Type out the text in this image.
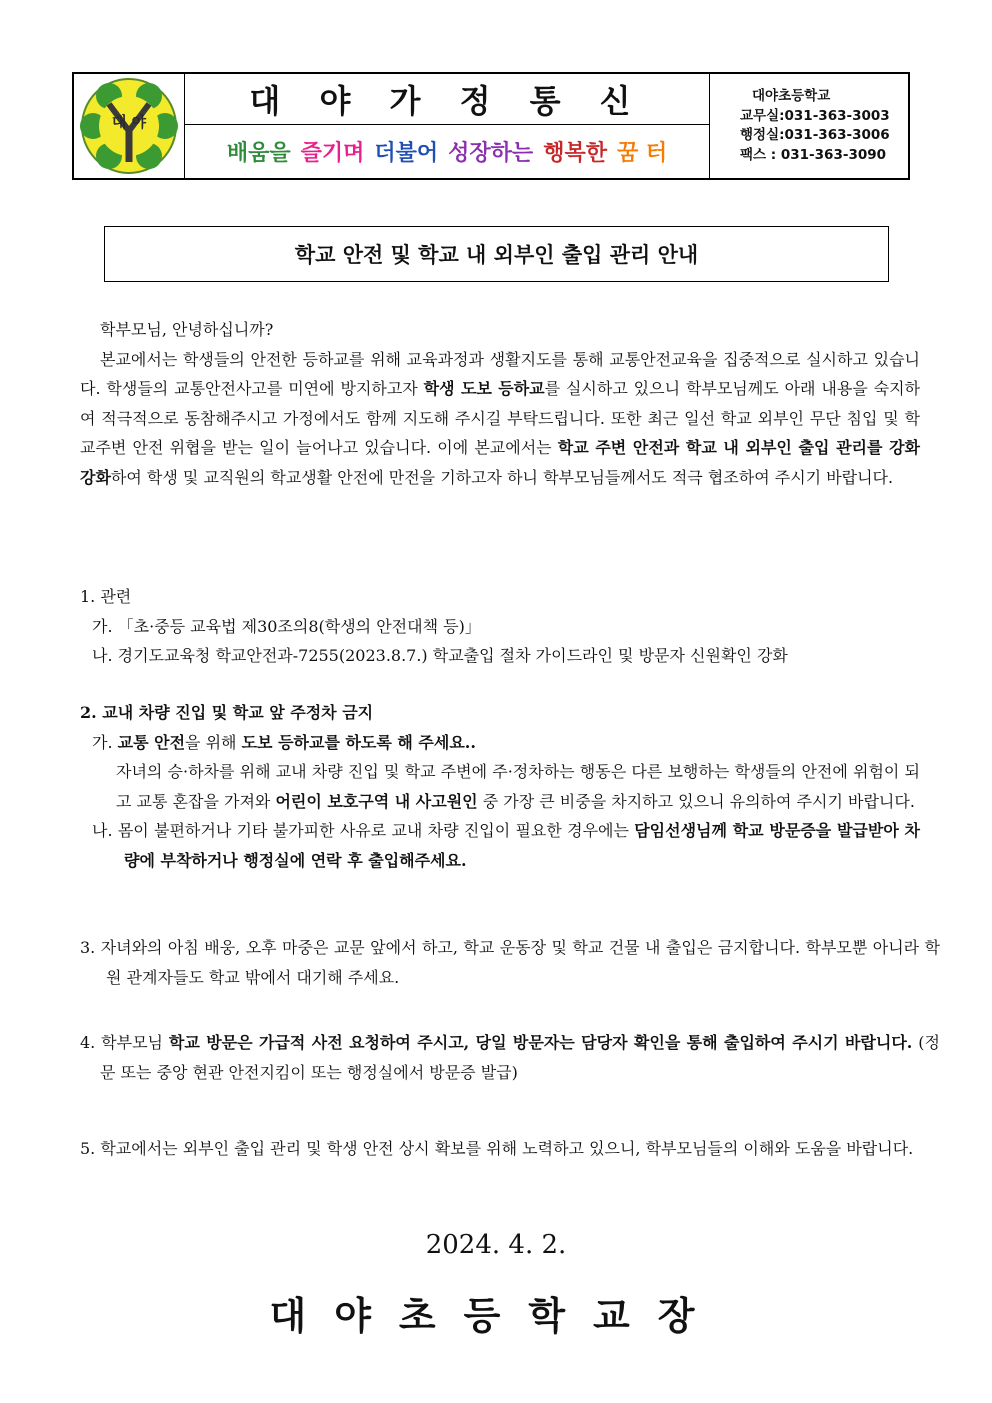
대 야
대 야 가 정 통 신
배움을 즐기며 더불어 성장하는 행복한 꿈 터
대야초등학교
교무실:031-363-3003
행정실:031-363-3006
팩스 : 031-363-3090
학교 안전 및 학교 내 외부인 출입 관리 안내
학부모님, 안녕하십니까?
본교에서는 학생들의 안전한 등하교를 위해 교육과정과 생활지도를 통해 교통안전교육을 집중적으로 실시하고 있습니다. 학생들의 교통안전사고를 미연에 방지하고자 학생 도보 등하교를 실시하고 있으니 학부모님께도 아래 내용을 숙지하여 적극적으로 동참해주시고 가정에서도 함께 지도해 주시길 부탁드립니다. 또한 최근 일선 학교 외부인 무단 침입 및 학교주변 안전 위협을 받는 일이 늘어나고 있습니다. 이에 본교에서는 학교 주변 안전과 학교 내 외부인 출입 관리를 강화 강화하여 학생 및 교직원의 학교생활 안전에 만전을 기하고자 하니 학부모님들께서도 적극 협조하여 주시기 바랍니다.
1. 관련
가. 「초·중등 교육법 제30조의8(학생의 안전대책 등)」
나. 경기도교육청 학교안전과-7255(2023.8.7.) 학교출입 절차 가이드라인 및 방문자 신원확인 강화
2. 교내 차량 진입 및 학교 앞 주정차 금지
가. 교통 안전을 위해 도보 등하교를 하도록 해 주세요..
자녀의 승·하차를 위해 교내 차량 진입 및 학교 주변에 주·정차하는 행동은 다른 보행하는 학생들의 안전에 위험이 되고 교통 혼잡을 가져와 어린이 보호구역 내 사고원인 중 가장 큰 비중을 차지하고 있으니 유의하여 주시기 바랍니다.
나. 몸이 불편하거나 기타 불가피한 사유로 교내 차량 진입이 필요한 경우에는 담임선생님께 학교 방문증을 발급받아 차량에 부착하거나 행정실에 연락 후 출입해주세요.
3. 자녀와의 아침 배웅, 오후 마중은 교문 앞에서 하고, 학교 운동장 및 학교 건물 내 출입은 금지합니다. 학부모뿐 아니라 학원 관계자들도 학교 밖에서 대기해 주세요.
4. 학부모님 학교 방문은 가급적 사전 요청하여 주시고, 당일 방문자는 담당자 확인을 통해 출입하여 주시기 바랍니다. (정문 또는 중앙 현관 안전지킴이 또는 행정실에서 방문증 발급)
5. 학교에서는 외부인 출입 관리 및 학생 안전 상시 확보를 위해 노력하고 있으니, 학부모님들의 이해와 도움을 바랍니다.
2024. 4. 2.
대야초등학교장
